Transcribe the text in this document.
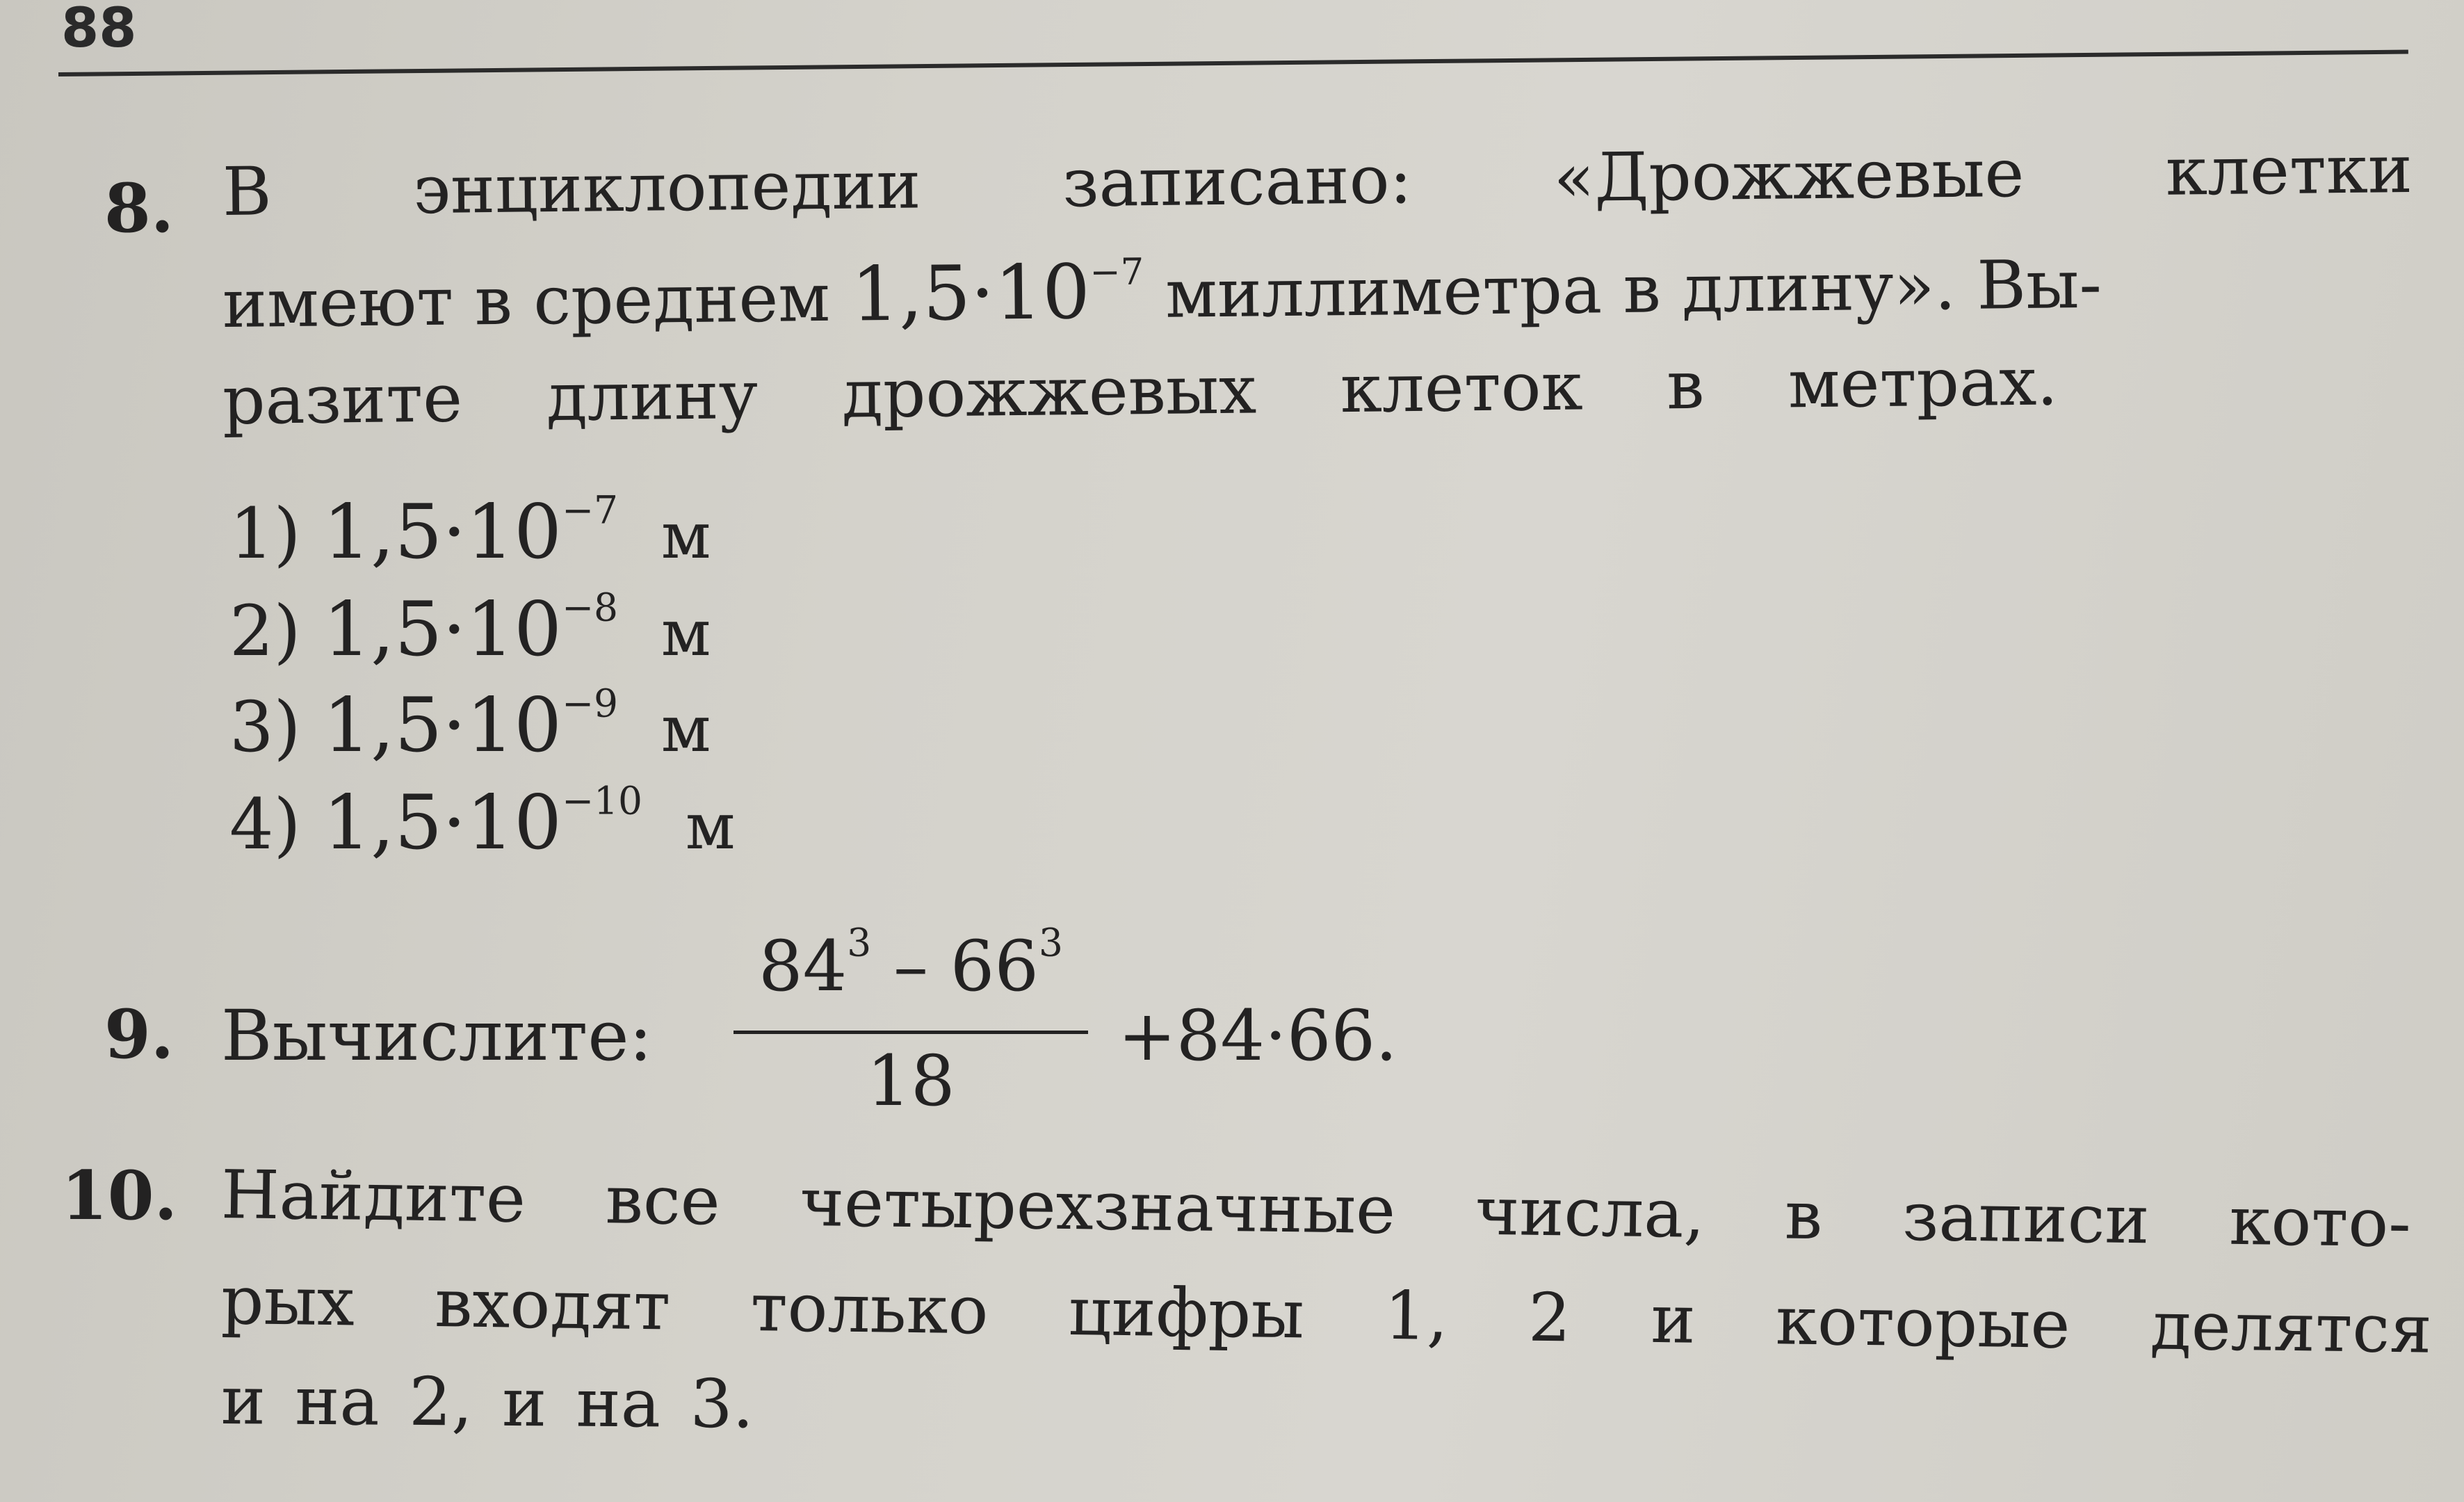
88
8. В энциклопедии записано: «Дрожжевые клетки
имеют в среднем $1,5\cdot 10^{-7}$ миллиметра в длину». Вы-
разите длину дрожжевых клеток в метрах.
1) $1,5\cdot 10^{-7}$ м
2) $1,5\cdot 10^{-8}$ м
3) $1,5\cdot 10^{-9}$ м
4) $1,5\cdot 10^{-10}$ м
9. Вычислите:
$84^3 - 66^3$
18
+84·66.
10. Найдите все четырехзначные числа, в записи кото-
рых входят только цифры 1, 2 и которые делятся
и на 2, и на 3.
